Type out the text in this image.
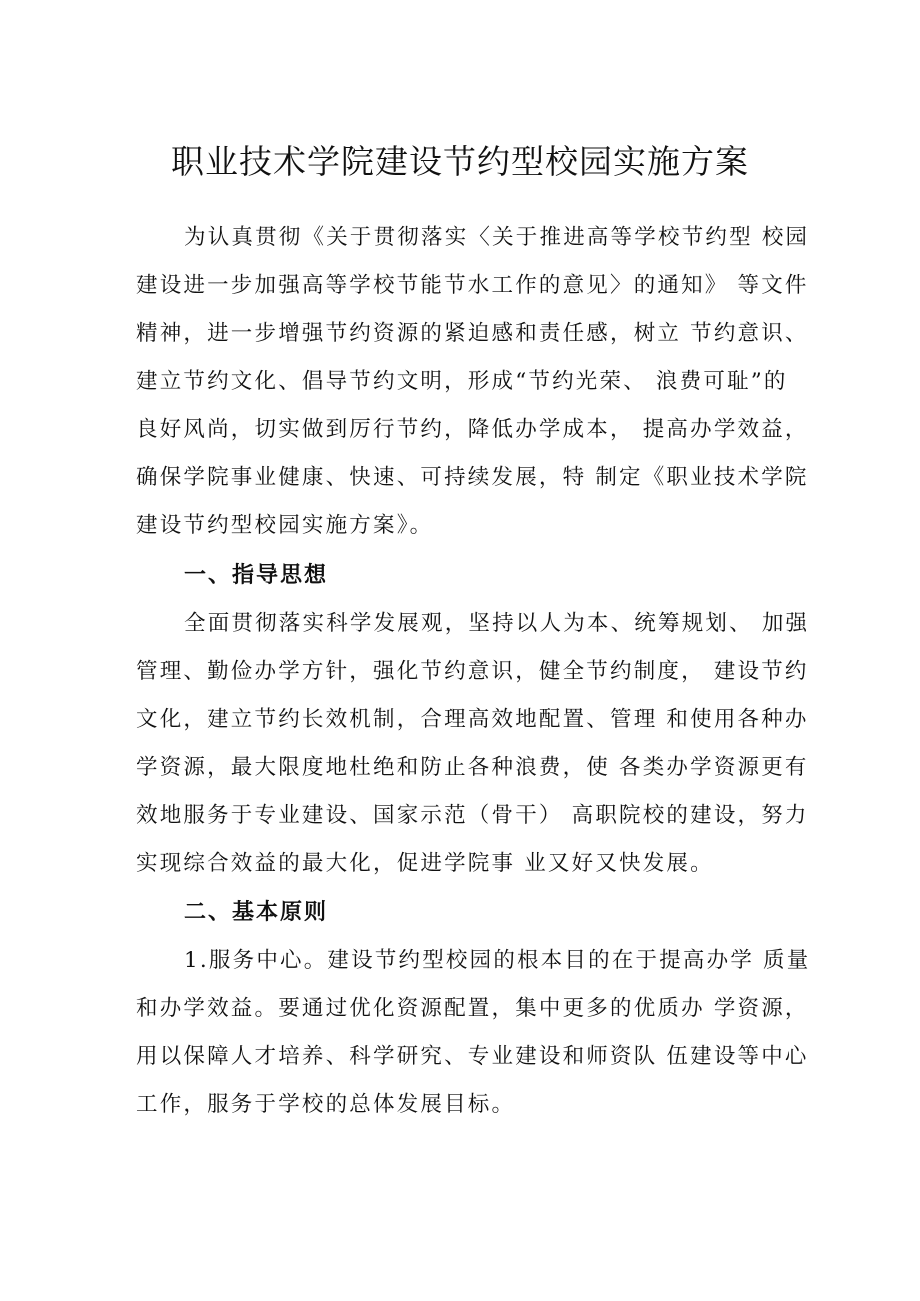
职业技术学院建设节约型校园实施方案

为认真贯彻《关于贯彻落实〈关于推进高等学校节约型 校园
建设进一步加强高等学校节能节水工作的意见〉的通知》 等文件
精神，进一步增强节约资源的紧迫感和责任感，树立 节约意识、
建立节约文化、倡导节约文明，形成“节约光荣、 浪费可耻”的
良好风尚，切实做到厉行节约，降低办学成本， 提高办学效益，
确保学院事业健康、快速、可持续发展，特 制定《职业技术学院
建设节约型校园实施方案》。

一、指导思想

全面贯彻落实科学发展观，坚持以人为本、统筹规划、 加强
管理、勤俭办学方针，强化节约意识，健全节约制度， 建设节约
文化，建立节约长效机制，合理高效地配置、管理 和使用各种办
学资源，最大限度地杜绝和防止各种浪费，使 各类办学资源更有
效地服务于专业建设、国家示范（骨干） 高职院校的建设，努力
实现综合效益的最大化，促进学院事 业又好又快发展。

二、基本原则

1.服务中心。建设节约型校园的根本目的在于提高办学 质量
和办学效益。要通过优化资源配置，集中更多的优质办 学资源，
用以保障人才培养、科学研究、专业建设和师资队 伍建设等中心
工作，服务于学校的总体发展目标。
